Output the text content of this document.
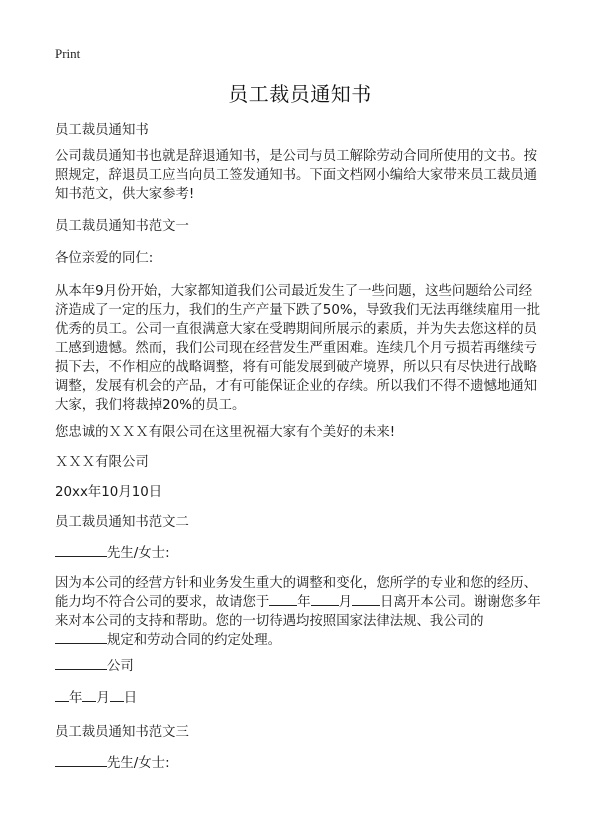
Print
员工裁员通知书

员工裁员通知书

公司裁员通知书也就是辞退通知书，是公司与员工解除劳动合同所使用的文书。按
照规定，辞退员工应当向员工签发通知书。下面文档网小编给大家带来员工裁员通
知书范文，供大家参考!

员工裁员通知书范文一

各位亲爱的同仁:

从本年9月份开始，大家都知道我们公司最近发生了一些问题，这些问题给公司经
济造成了一定的压力，我们的生产产量下跌了50%，导致我们无法再继续雇用一批
优秀的员工。公司一直很满意大家在受聘期间所展示的素质，并为失去您这样的员
工感到遗憾。然而，我们公司现在经营发生严重困难。连续几个月亏损若再继续亏
损下去，不作相应的战略调整，将有可能发展到破产境界，所以只有尽快进行战略
调整，发展有机会的产品，才有可能保证企业的存续。所以我们不得不遗憾地通知
大家，我们将裁掉20%的员工。

您忠诚的ＸＸＸ有限公司在这里祝福大家有个美好的未来!

ＸＸＸ有限公司

20xx年10月10日

员工裁员通知书范文二

先生/女士:

因为本公司的经营方针和业务发生重大的调整和变化，您所学的专业和您的经历、
能力均不符合公司的要求，故请您于 年 月 日离开本公司。谢谢您多年
来对本公司的支持和帮助。您的一切待遇均按照国家法律法规、我公司的
规定和劳动合同的约定处理。

公司

年 月 日

员工裁员通知书范文三

先生/女士:
